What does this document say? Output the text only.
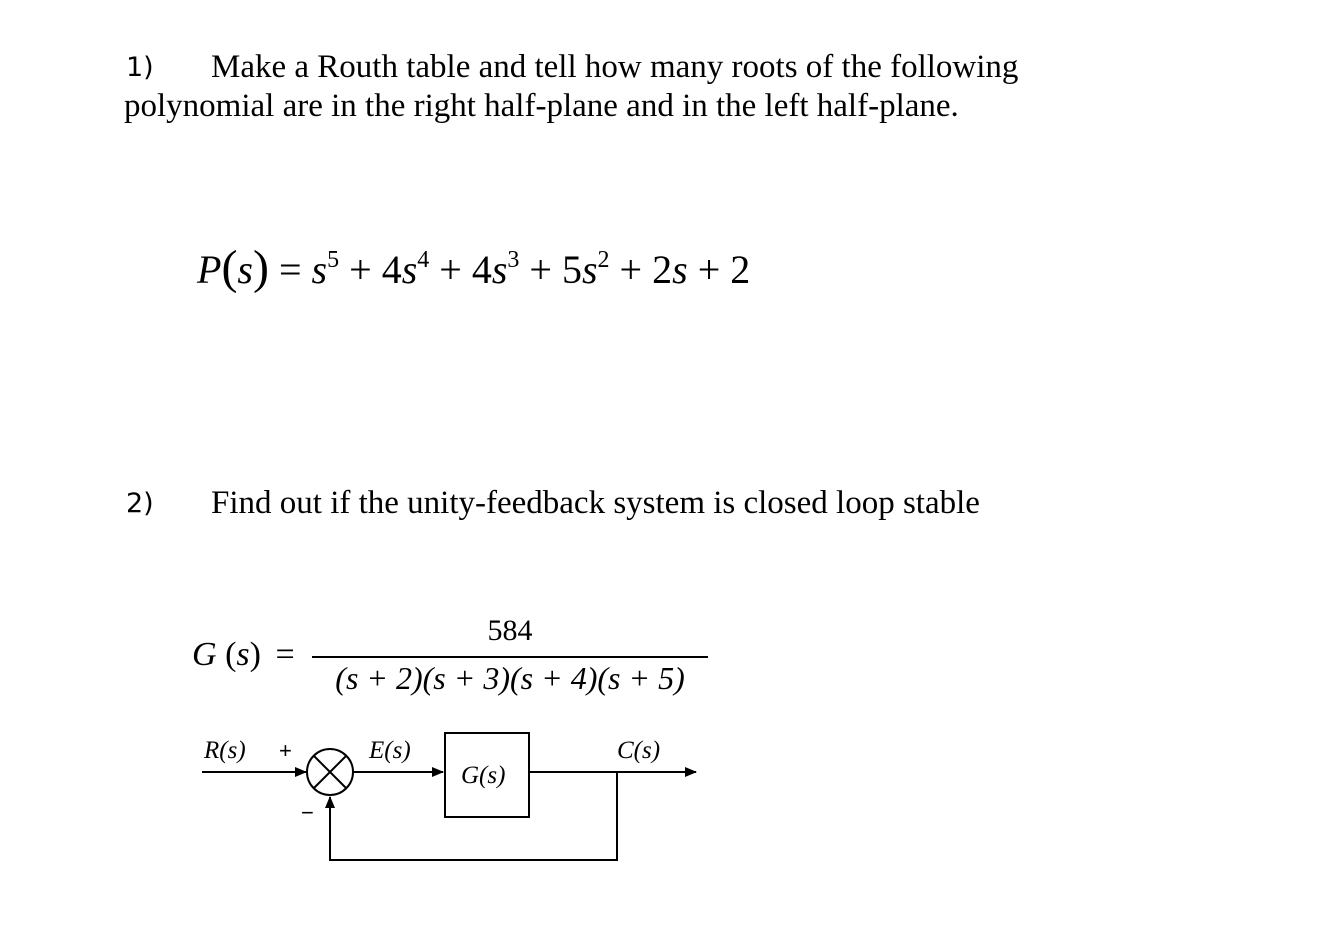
1) Make a Routh table and tell how many roots of the following
polynomial are in the right half-plane and in the left half-plane.
$P(s) = s^5 + 4s^4 + 4s^3 + 5s^2 + 2s + 2$
2) Find out if the unity-feedback system is closed loop stable
G (s) =
584
(s + 2)(s + 3)(s + 4)(s + 5)
R(s) +
−
E(s)
G(s)
C(s)
